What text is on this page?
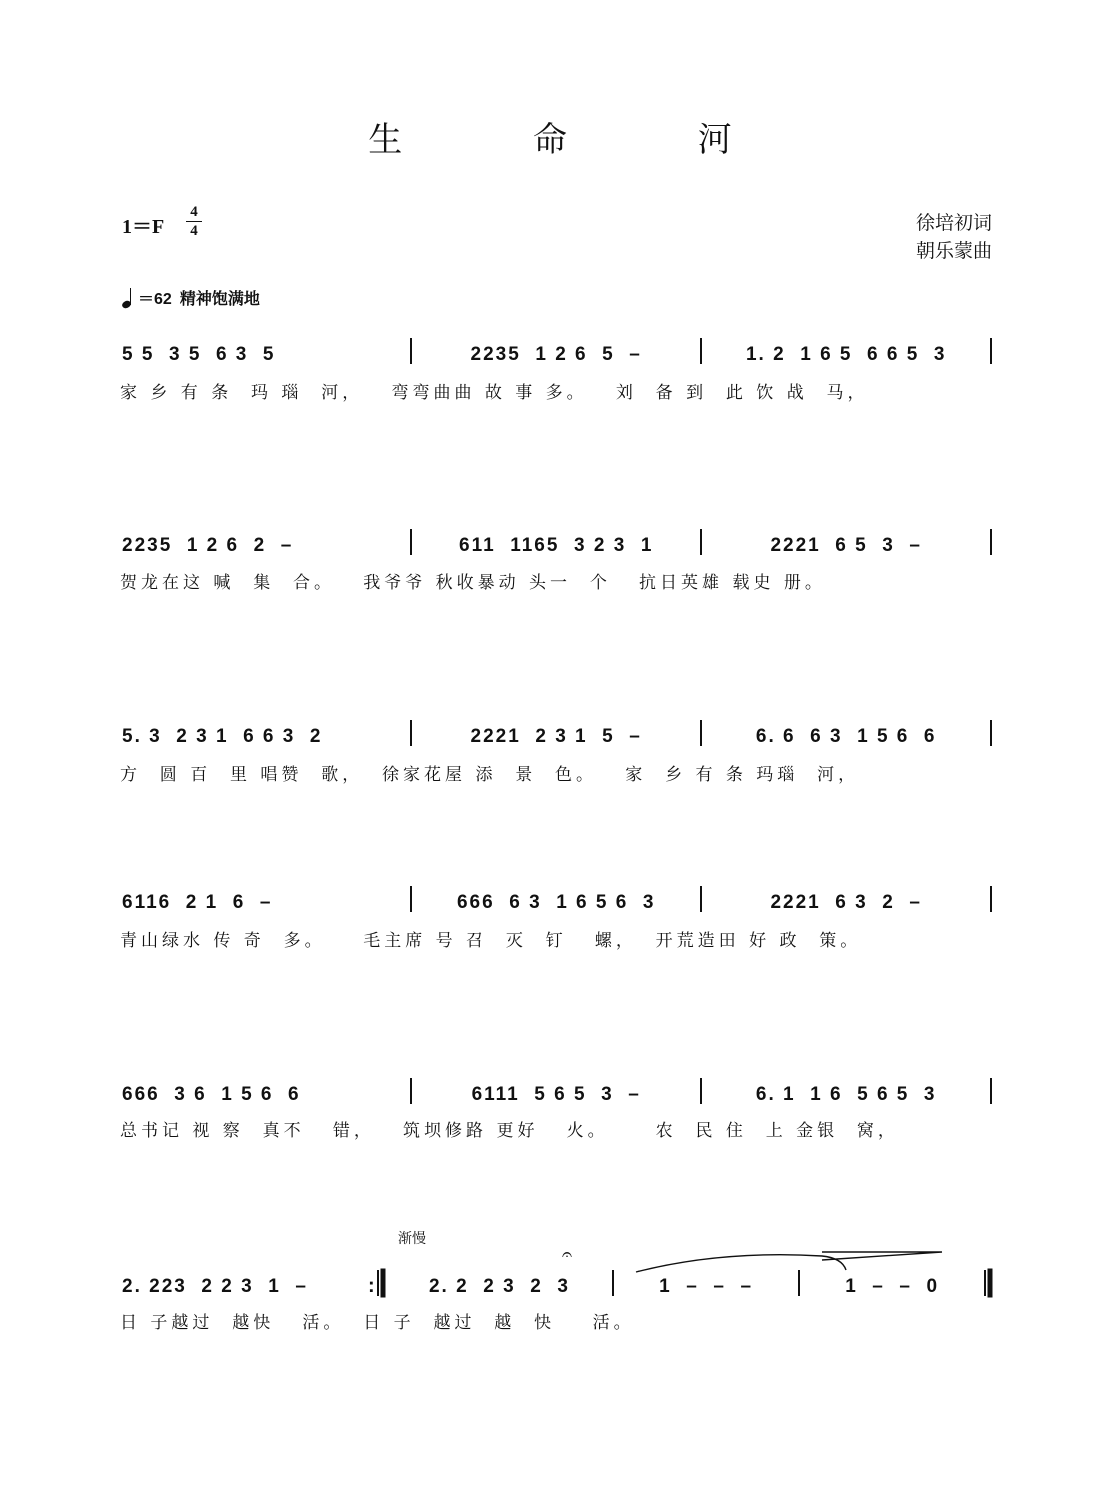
生 命 河
1＝F
4
4	徐培初词
朝乐蒙曲
＝62 精神饱满地
5 5  3 5  6 3  5	2235  1 2 6  5  –	1. 2  1 6 5  6 6 5  3
家 乡 有 条  玛 瑙  河，   弯弯曲曲 故 事 多。   刘  备 到  此 饮 战  马，
2235  1 2 6  2  –	611  1165  3 2 3  1	2221  6 5  3  –
贺龙在这 喊  集  合。   我爷爷 秋收暴动 头一  个   抗日英雄 载史 册。
5. 3  2 3 1  6 6 3  2	2221  2 3 1  5  –	6. 6  6 3  1 5 6  6
方  圆 百  里 唱赞  歌，  徐家花屋 添  景  色。   家  乡 有 条 玛瑙  河，
6116  2 1  6  –	666  6 3  1 6 5 6  3	2221  6 3  2  –
青山绿水 传 奇  多。    毛主席 号 召  灭  钉   螺，  开荒造田 好 政  策。
666  3 6  1 5 6  6	6111  5 6 5  3  –	6. 1  1 6  5 6 5  3
总书记 视 察  真不   错，   筑坝修路 更好   火。     农  民 住  上 金银  窝，
渐慢
𝄐
2. 223  2 2 3  1  –	:	2. 2  2 3  2  3	1  –  –  –	1  –  –  0
日 子越过  越快   活。  日 子  越过  越  快    活。
